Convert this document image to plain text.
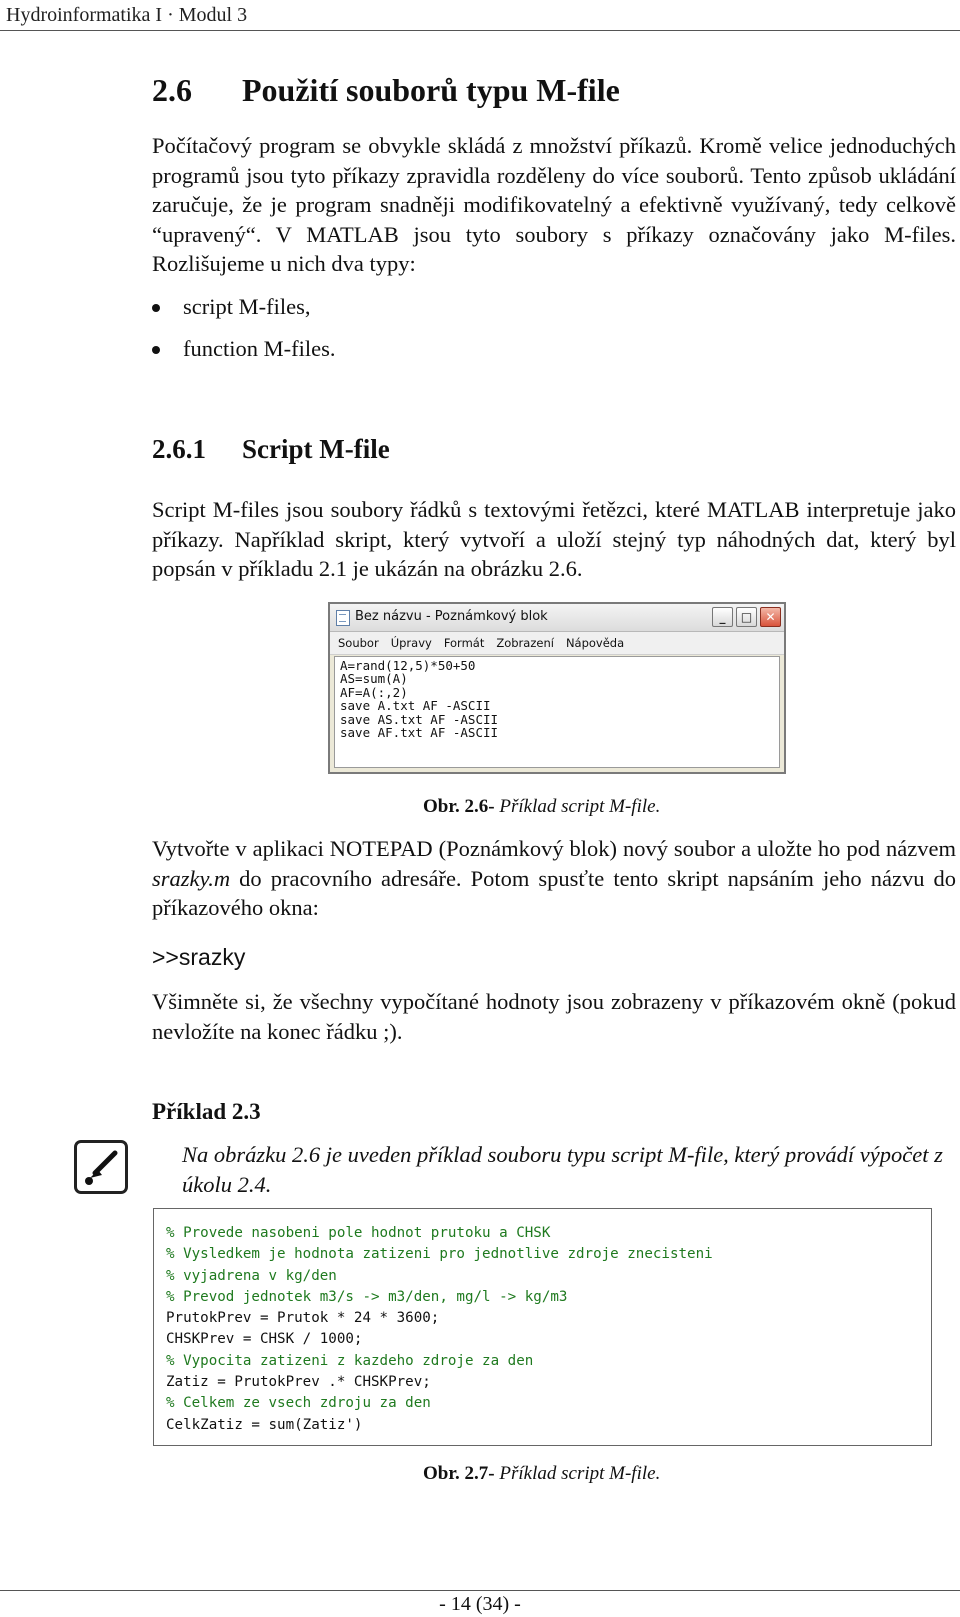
Hydroinformatika I · Modul 3
2.6 Použití souborů typu M-file

Počítačový program se obvykle skládá z množství příkazů. Kromě velice jednoduchých programů jsou tyto příkazy zpravidla rozděleny do více souborů. Tento způsob ukládání zaručuje, že je program snadněji modifikovatelný a efektivně využívaný, tedy celkově “upravený“. V MATLAB jsou tyto soubory s příkazy označovány jako M-files. Rozlišujeme u nich dva typy:

script M-files,
function M-files.
2.6.1 Script M-file

Script M-files jsou soubory řádků s textovými řetězci, které MATLAB interpretuje jako příkazy. Například skript, který vytvoří a uloží stejný typ náhodných dat, který byl popsán v příkladu 2.1 je ukázán na obrázku 2.6.

Bez názvu - Poznámkový blok	_	□	✕
Soubor	Úpravy	Formát	Zobrazení	Nápověda
A=rand(12,5)*50+50
AS=sum(A)
AF=A(:,2)
save A.txt AF -ASCII
save AS.txt AF -ASCII
save AF.txt AF -ASCII

Obr. 2.6- Příklad script M-file.

Vytvořte v aplikaci NOTEPAD (Poznámkový blok) nový soubor a uložte ho pod názvem srazky.m do pracovního adresáře. Potom spusťte tento skript napsáním jeho názvu do příkazového okna:

>>srazky

Všimněte si, že všechny vypočítané hodnoty jsou zobrazeny v příkazovém okně (pokud nevložíte na konec řádku ;).

Příklad 2.3

Na obrázku 2.6 je uveden příklad souboru typu script M-file, který provádí výpočet z úkolu 2.4.

% Provede nasobeni pole hodnot prutoku a CHSK
% Vysledkem je hodnota zatizeni pro jednotlive zdroje znecisteni
% vyjadrena v kg/den
% Prevod jednotek m3/s -> m3/den, mg/l -> kg/m3
PrutokPrev = Prutok * 24 * 3600;
CHSKPrev = CHSK / 1000;
% Vypocita zatizeni z kazdeho zdroje za den
Zatiz = PrutokPrev .* CHSKPrev;
% Celkem ze vsech zdroju za den
CelkZatiz = sum(Zatiz')

Obr. 2.7- Příklad script M-file.

- 14 (34) -
